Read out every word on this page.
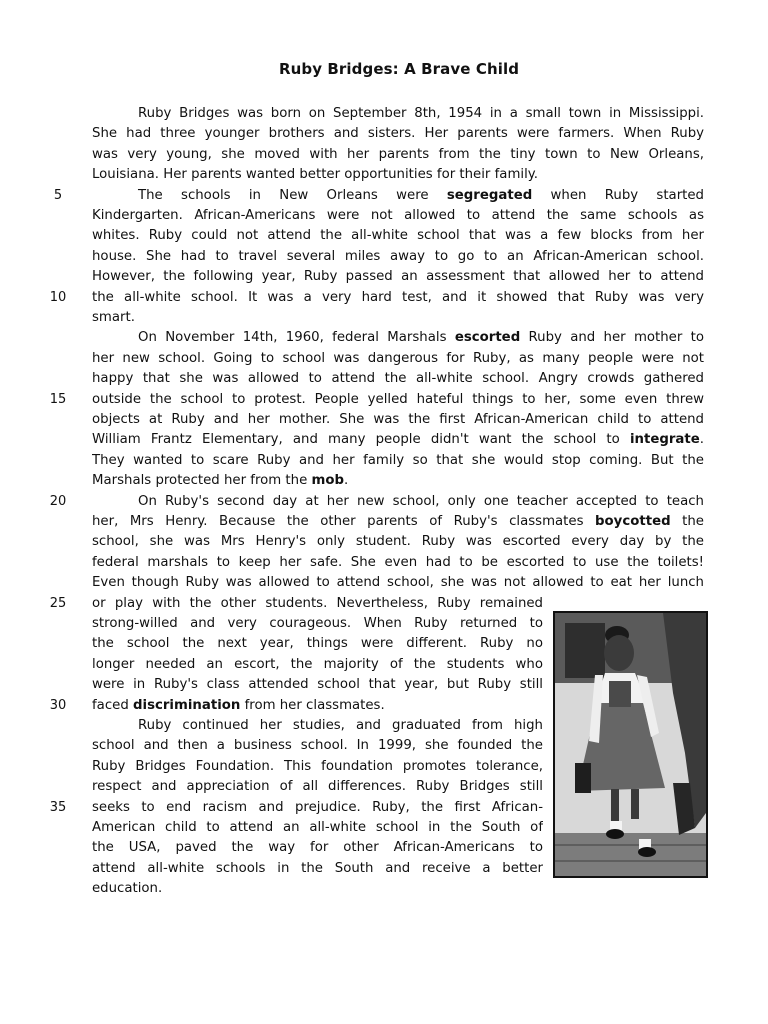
Ruby Bridges: A Brave Child
Ruby Bridges was born on September 8th, 1954 in a small town in Mississippi.
She had three younger brothers and sisters. Her parents were farmers. When Ruby
was very young, she moved with her parents from the tiny town to New Orleans,
Louisiana. Her parents wanted better opportunities for their family.
The schools in New Orleans were segregated when Ruby started
Kindergarten. African-Americans were not allowed to attend the same schools as
whites. Ruby could not attend the all-white school that was a few blocks from her
house. She had to travel several miles away to go to an African-American school.
However, the following year, Ruby passed an assessment that allowed her to attend
the all-white school. It was a very hard test, and it showed that Ruby was very
smart.
On November 14th, 1960, federal Marshals escorted Ruby and her mother to
her new school. Going to school was dangerous for Ruby, as many people were not
happy that she was allowed to attend the all-white school. Angry crowds gathered
outside the school to protest. People yelled hateful things to her, some even threw
objects at Ruby and her mother. She was the first African-American child to attend
William Frantz Elementary, and many people didn't want the school to integrate.
They wanted to scare Ruby and her family so that she would stop coming. But the
Marshals protected her from the mob.
On Ruby's second day at her new school, only one teacher accepted to teach
her, Mrs Henry. Because the other parents of Ruby's classmates boycotted the
school, she was Mrs Henry's only student. Ruby was escorted every day by the
federal marshals to keep her safe. She even had to be escorted to use the toilets!
Even though Ruby was allowed to attend school, she was not allowed to eat her lunch
or play with the other students. Nevertheless, Ruby remained
strong-willed and very courageous. When Ruby returned to
the school the next year, things were different. Ruby no
longer needed an escort, the majority of the students who
were in Ruby's class attended school that year, but Ruby still
faced discrimination from her classmates.
Ruby continued her studies, and graduated from high
school and then a business school. In 1999, she founded the
Ruby Bridges Foundation. This foundation promotes tolerance,
respect and appreciation of all differences. Ruby Bridges still
seeks to end racism and prejudice. Ruby, the first African-
American child to attend an all-white school in the South of
the USA, paved the way for other African-Americans to
attend all-white schools in the South and receive a better
education.
5
10
15
20
25
30
35
